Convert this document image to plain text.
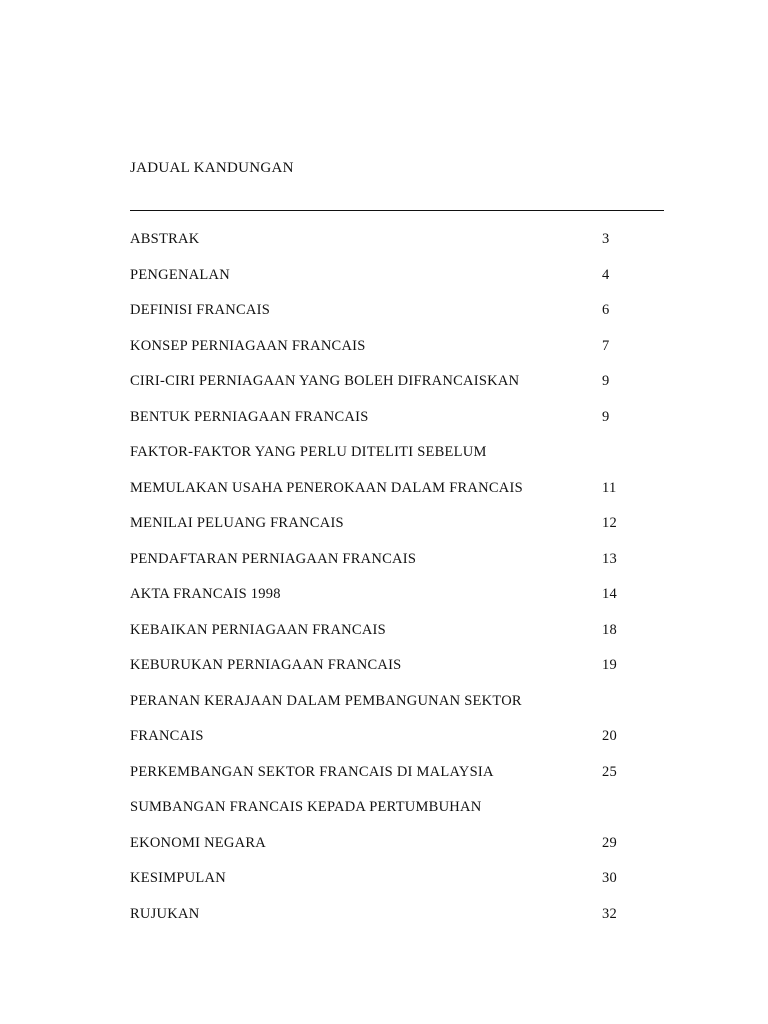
JADUAL KANDUNGAN
ABSTRAK	3
PENGENALAN	4
DEFINISI FRANCAIS	6
KONSEP PERNIAGAAN FRANCAIS	7
CIRI-CIRI PERNIAGAAN YANG BOLEH DIFRANCAISKAN	9
BENTUK PERNIAGAAN FRANCAIS	9
FAKTOR-FAKTOR YANG PERLU DITELITI SEBELUM
MEMULAKAN USAHA PENEROKAAN DALAM FRANCAIS	11
MENILAI PELUANG FRANCAIS	12
PENDAFTARAN PERNIAGAAN FRANCAIS	13
AKTA FRANCAIS 1998	14
KEBAIKAN PERNIAGAAN FRANCAIS	18
KEBURUKAN PERNIAGAAN FRANCAIS	19
PERANAN KERAJAAN DALAM PEMBANGUNAN SEKTOR
FRANCAIS	20
PERKEMBANGAN SEKTOR FRANCAIS DI MALAYSIA	25
SUMBANGAN FRANCAIS KEPADA PERTUMBUHAN
EKONOMI NEGARA	29
KESIMPULAN	30
RUJUKAN	32
